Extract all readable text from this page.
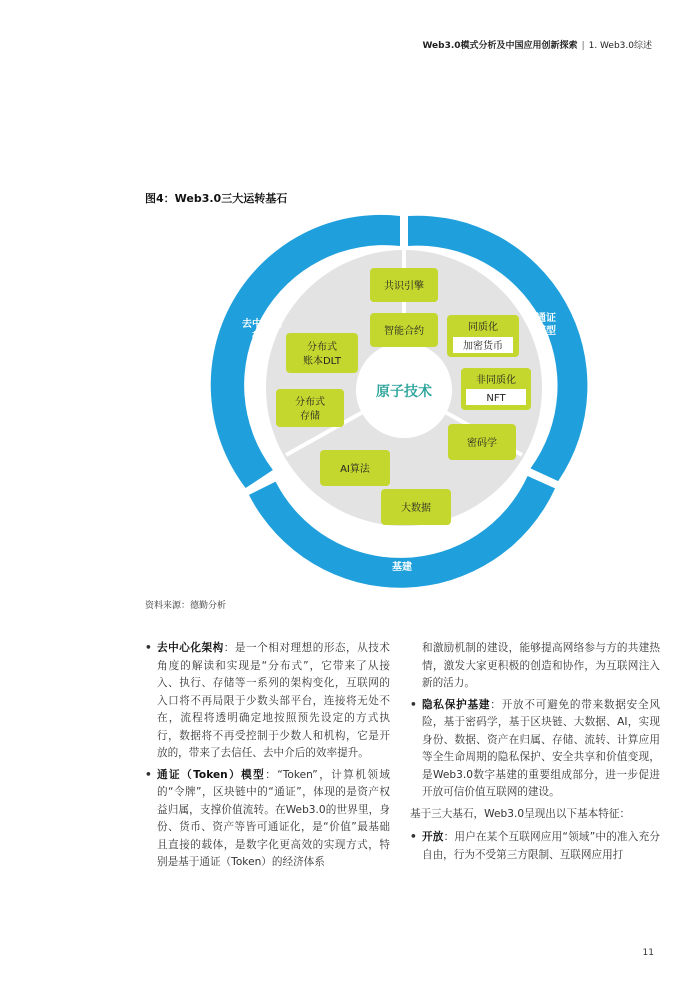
Web3.0模式分析及中国应用创新探索 | 1. Web3.0综述
图4：Web3.0三大运转基石
原子技术
去中心化
架构
通证
模型
隐私保护
基建
共识引擎
智能合约	同质化
加密货币
分布式
账本DLT
非同质化
NFT
分布式
存储
密码学
AI算法
大数据
资料来源：德勤分析
• 去中心化架构：是一个相对理想的形态，从技术角度的解读和实现是“分布式”，它带来了从接入、执行、存储等一系列的架构变化，互联网的入口将不再局限于少数头部平台，连接将无处不在，流程将透明确定地按照预先设定的方式执行，数据将不再受控制于少数人和机构，它是开放的，带来了去信任、去中介后的效率提升。
• 通证（Token）模型：“Token”，计算机领域的“令牌”，区块链中的“通证”，体现的是资产权益归属，支撑价值流转。在Web3.0的世界里，身份、货币、资产等皆可通证化，是“价值”最基础且直接的载体，是数字化更高效的实现方式，特别是基于通证（Token）的经济体系
和激励机制的建设，能够提高网络参与方的共建热情，激发大家更积极的创造和协作，为互联网注入新的活力。
• 隐私保护基建：开放不可避免的带来数据安全风险，基于密码学，基于区块链、大数据、AI，实现身份、数据、资产在归属、存储、流转、计算应用等全生命周期的隐私保护、安全共享和价值变现，是Web3.0数字基建的重要组成部分，进一步促进开放可信价值互联网的建设。
基于三大基石，Web3.0呈现出以下基本特征：
• 开放：用户在某个互联网应用“领域”中的准入充分自由，行为不受第三方限制、互联网应用打
11
